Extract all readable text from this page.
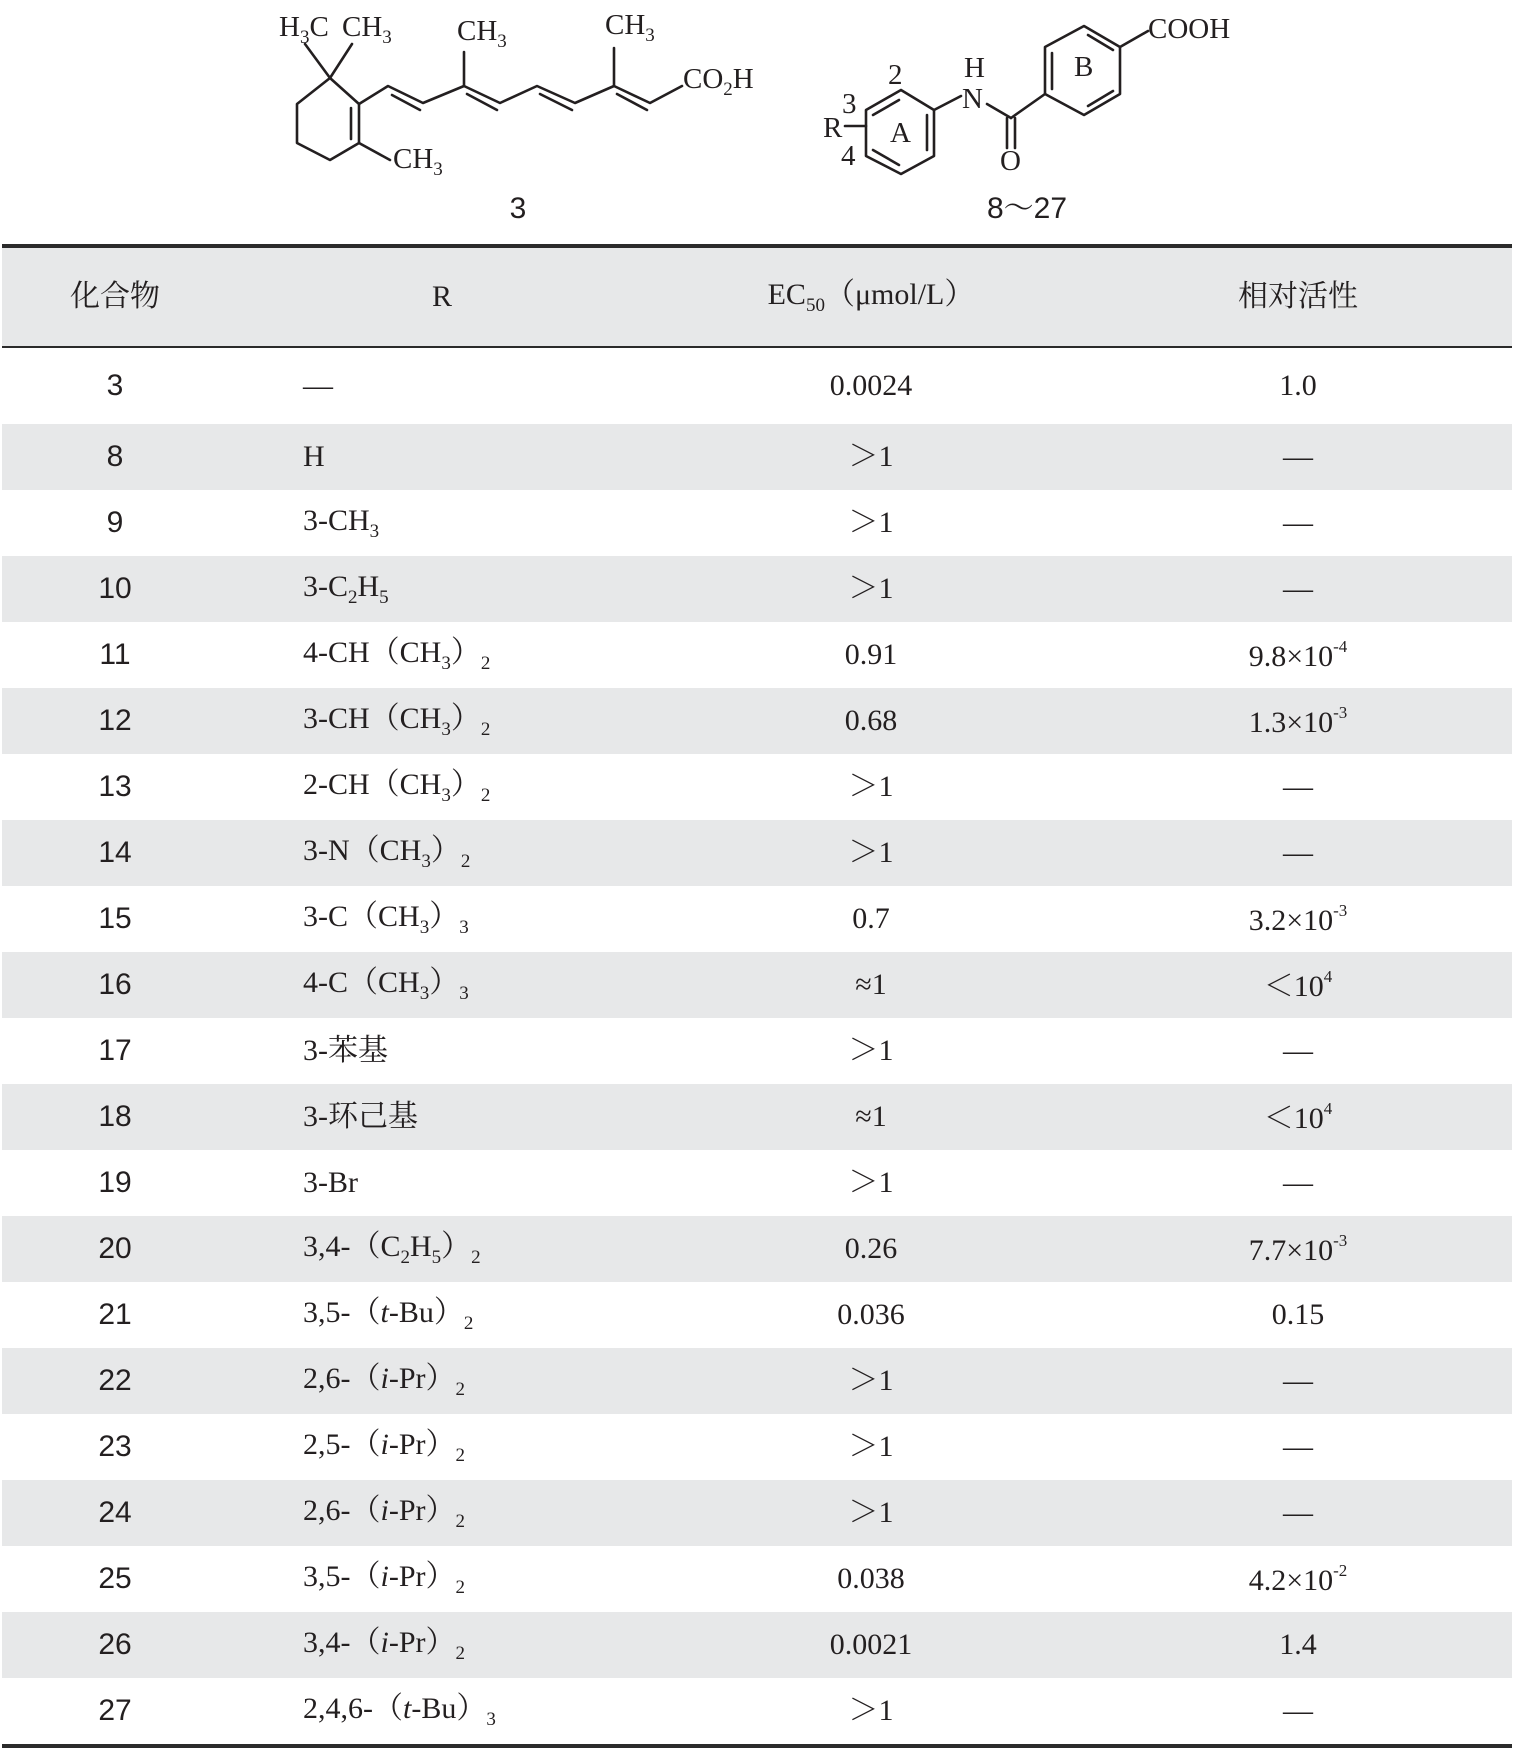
$H_3C$ $CH_3$ $CH_3$
$CH_3$
$CO_2H$
$CH_3$
3
COOH
B
A
R
2
3
4
H
N
O
8～27
化合物	R	$EC_{50}(\mu mol/L)$	相对活性
3	—	0.0024	1.0
8	H	＞1	—
9	$3-CH_3$	＞1	—
10	$3-C_2H_5$	＞1	—
11	$4-CH(CH_3)_2$	0.91	$9.8\times 10^{-4}$
12	$3-CH(CH_3)_2$	0.68	$1.3\times 10^{-3}$
13	$2-CH(CH_3)_2$	＞1	—
14	$3-N(CH_3)_2$	＞1	—
15	$3-C(CH_3)_3$	0.7	$3.2\times 10^{-3}$
16	$4-C(CH_3)_3$	≈1	$<10^4$
17	3-苯基	＞1	—
18	3-环己基	≈1	$<10^4$
19	3-Br	＞1	—
20	$3,4-(C_2H_5)_2$	0.26	$7.7\times 10^{-3}$
21	$3,5-(t-Bu)_2$	0.036	0.15
22	$2,6-(i-Pr)_2$	＞1	—
23	$2,5-(i-Pr)_2$	＞1	—
24	$2,6-(i-Pr)_2$	＞1	—
25	$3,5-(i-Pr)_2$	0.038	$4.2\times 10^{-2}$
26	$3,4-(i-Pr)_2$	0.0021	1.4
27	$2,4,6-(t-Bu)_3$	＞1	—
